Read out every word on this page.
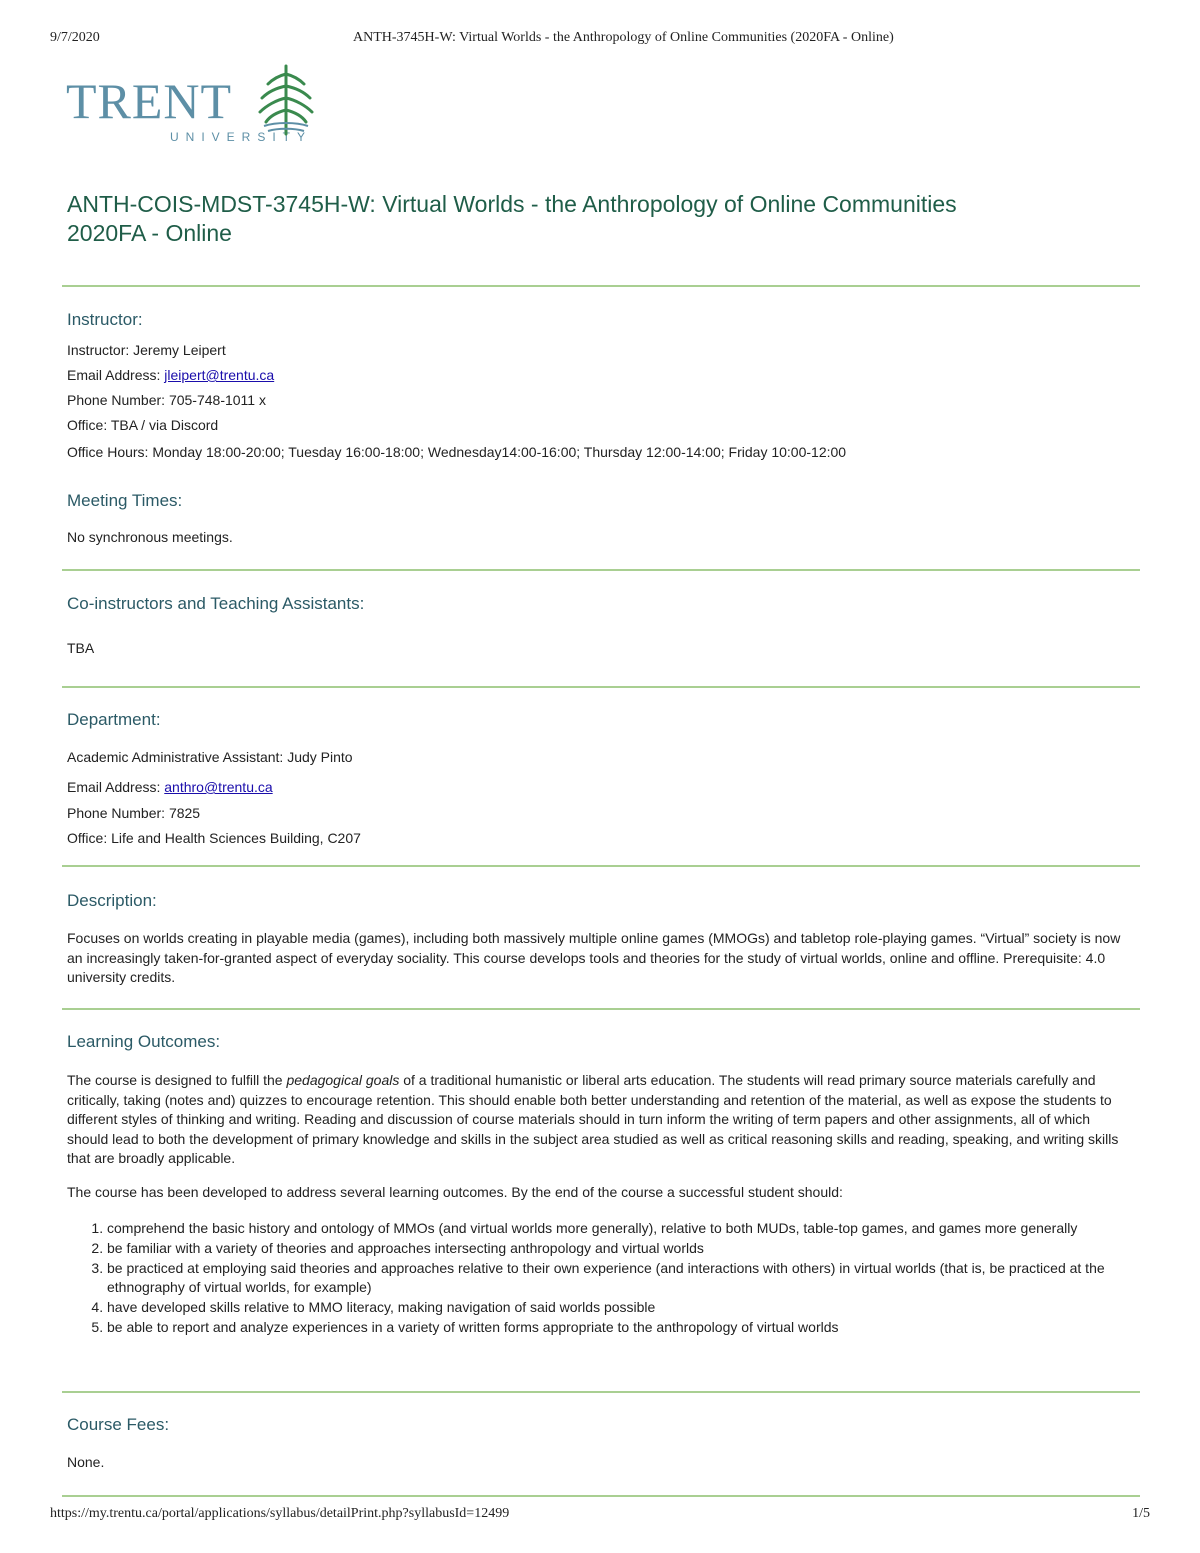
9/7/2020	ANTH-3745H-W: Virtual Worlds - the Anthropology of Online Communities (2020FA - Online)
TRENT
UNIVERSITY
ANTH-COIS-MDST-3745H-W: Virtual Worlds - the Anthropology of Online Communities
2020FA - Online
Instructor:
Instructor: Jeremy Leipert
Email Address: jleipert@trentu.ca
Phone Number: 705-748-1011 x
Office: TBA / via Discord
Office Hours: Monday 18:00-20:00; Tuesday 16:00-18:00; Wednesday14:00-16:00; Thursday 12:00-14:00; Friday 10:00-12:00
Meeting Times:
No synchronous meetings.
Co-instructors and Teaching Assistants:
TBA
Department:
Academic Administrative Assistant: Judy Pinto
Email Address: anthro@trentu.ca
Phone Number: 7825
Office: Life and Health Sciences Building, C207
Description:

Focuses on worlds creating in playable media (games), including both massively multiple online games (MMOGs) and tabletop role-playing games. “Virtual” society is now an increasingly taken-for-granted aspect of everyday sociality. This course develops tools and theories for the study of virtual worlds, online and offline. Prerequisite: 4.0 university credits.

Learning Outcomes:

The course is designed to fulfill the pedagogical goals of a traditional humanistic or liberal arts education. The students will read primary source materials carefully and critically, taking (notes and) quizzes to encourage retention. This should enable both better understanding and retention of the material, as well as expose the students to different styles of thinking and writing. Reading and discussion of course materials should in turn inform the writing of term papers and other assignments, all of which should lead to both the development of primary knowledge and skills in the subject area studied as well as critical reasoning skills and reading, speaking, and writing skills that are broadly applicable.

The course has been developed to address several learning outcomes. By the end of the course a successful student should:

1. comprehend the basic history and ontology of MMOs (and virtual worlds more generally), relative to both MUDs, table-top games, and games more generally
2. be familiar with a variety of theories and approaches intersecting anthropology and virtual worlds
3. be practiced at employing said theories and approaches relative to their own experience (and interactions with others) in virtual worlds (that is, be practiced at the ethnography of virtual worlds, for example)
4. have developed skills relative to MMO literacy, making navigation of said worlds possible
5. be able to report and analyze experiences in a variety of written forms appropriate to the anthropology of virtual worlds
Course Fees:
None.
https://my.trentu.ca/portal/applications/syllabus/detailPrint.php?syllabusId=12499	1/5
